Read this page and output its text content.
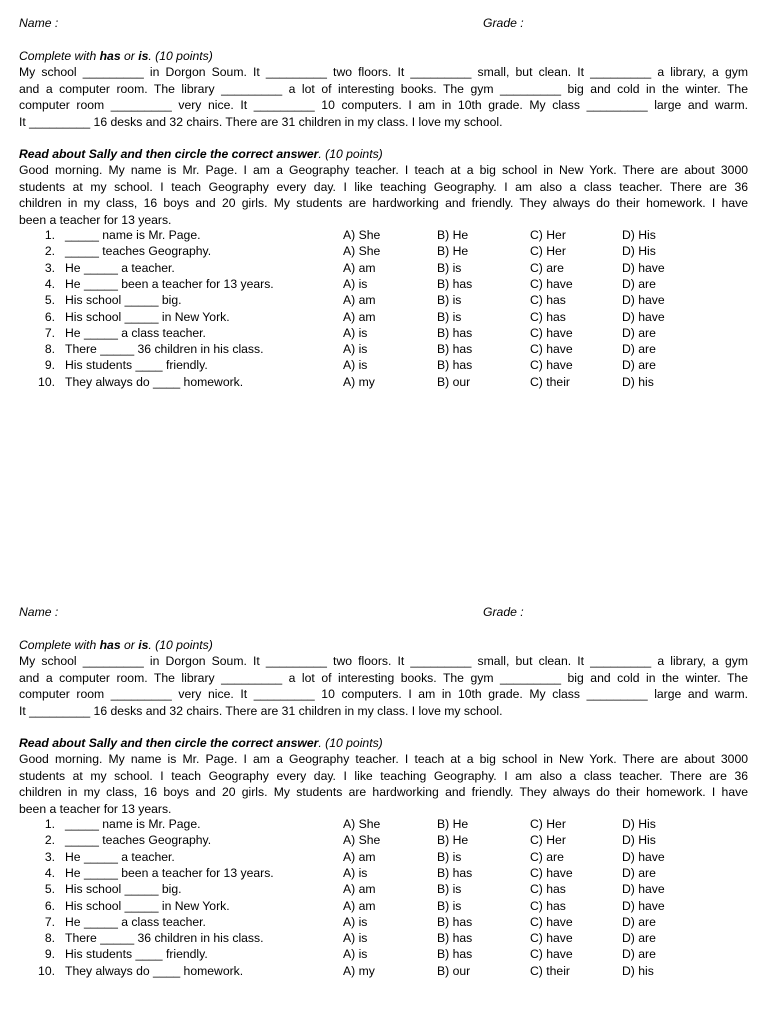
Name :	Grade :
Complete with has or is. (10 points)
My school _________ in Dorgon Soum. It _________ two floors. It _________ small, but clean. It _________ a library, a gym
and a computer room. The library _________ a lot of interesting books. The gym _________ big and cold in the winter. The
computer room _________ very nice. It _________ 10 computers. I am in 10th grade. My class _________ large and warm.
It _________ 16 desks and 32 chairs. There are 31 children in my class. I love my school.
Read about Sally and then circle the correct answer. (10 points)
Good morning. My name is Mr. Page. I am a Geography teacher. I teach at a big school in New York. There are about 3000
students at my school. I teach Geography every day. I like teaching Geography. I am also a class teacher. There are 36
children in my class, 16 boys and 20 girls. My students are hardworking and friendly. They always do their homework. I have
been a teacher for 13 years.
1. _____ name is Mr. Page.	A) She	B) He	C) Her	D) His
2. _____ teaches Geography.	A) She	B) He	C) Her	D) His
3. He _____ a teacher.	A) am	B) is	C) are	D) have
4. He _____ been a teacher for 13 years.	A) is	B) has	C) have	D) are
5. His school _____ big.	A) am	B) is	C) has	D) have
6. His school _____ in New York.	A) am	B) is	C) has	D) have
7. He _____ a class teacher.	A) is	B) has	C) have	D) are
8. There _____ 36 children in his class.	A) is	B) has	C) have	D) are
9. His students ____ friendly.	A) is	B) has	C) have	D) are
10. They always do ____ homework.	A) my	B) our	C) their	D) his
Name :	Grade :
Complete with has or is. (10 points)
My school _________ in Dorgon Soum. It _________ two floors. It _________ small, but clean. It _________ a library, a gym
and a computer room. The library _________ a lot of interesting books. The gym _________ big and cold in the winter. The
computer room _________ very nice. It _________ 10 computers. I am in 10th grade. My class _________ large and warm.
It _________ 16 desks and 32 chairs. There are 31 children in my class. I love my school.
Read about Sally and then circle the correct answer. (10 points)
Good morning. My name is Mr. Page. I am a Geography teacher. I teach at a big school in New York. There are about 3000
students at my school. I teach Geography every day. I like teaching Geography. I am also a class teacher. There are 36
children in my class, 16 boys and 20 girls. My students are hardworking and friendly. They always do their homework. I have
been a teacher for 13 years.
1. _____ name is Mr. Page.	A) She	B) He	C) Her	D) His
2. _____ teaches Geography.	A) She	B) He	C) Her	D) His
3. He _____ a teacher.	A) am	B) is	C) are	D) have
4. He _____ been a teacher for 13 years.	A) is	B) has	C) have	D) are
5. His school _____ big.	A) am	B) is	C) has	D) have
6. His school _____ in New York.	A) am	B) is	C) has	D) have
7. He _____ a class teacher.	A) is	B) has	C) have	D) are
8. There _____ 36 children in his class.	A) is	B) has	C) have	D) are
9. His students ____ friendly.	A) is	B) has	C) have	D) are
10. They always do ____ homework.	A) my	B) our	C) their	D) his
